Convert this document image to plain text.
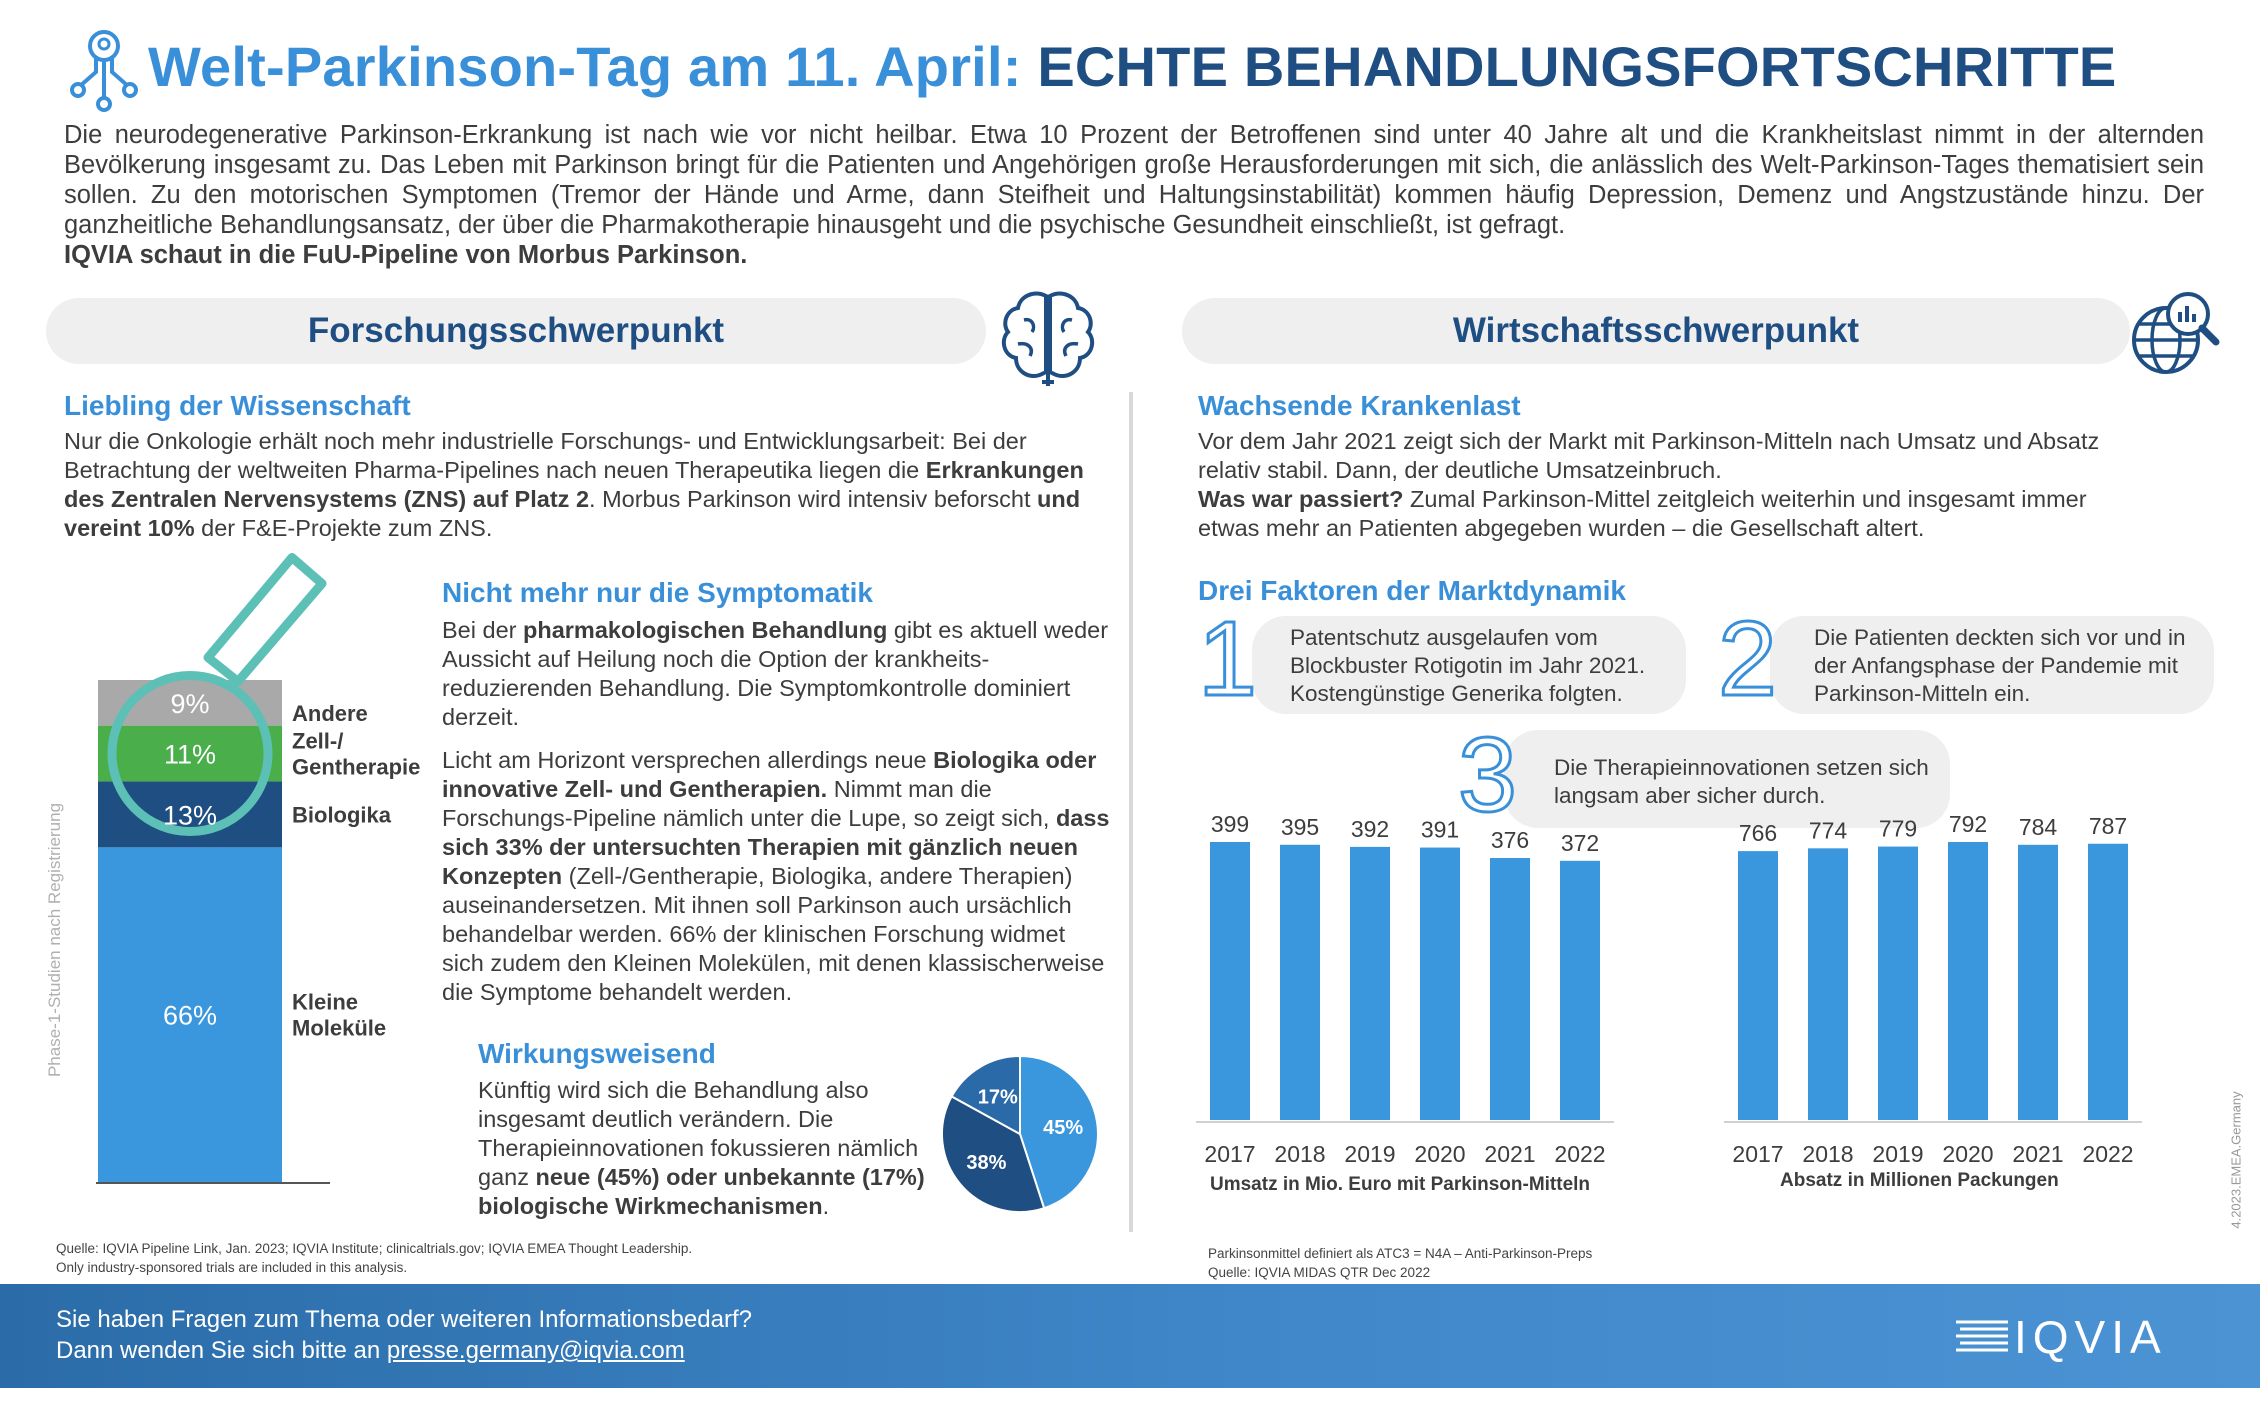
Welt-Parkinson-Tag am 11. April: ECHTE BEHANDLUNGSFORTSCHRITTE
Die neurodegenerative Parkinson-Erkrankung ist nach wie vor nicht heilbar. Etwa 10 Prozent der Betroffenen sind unter 40 Jahre alt und die Krankheitslast nimmt in der alternden Bevölkerung insgesamt zu. Das Leben mit Parkinson bringt für die Patienten und Angehörigen große Herausforderungen mit sich, die anlässlich des Welt-Parkinson-Tages thematisiert sein sollen. Zu den motorischen Symptomen (Tremor der Hände und Arme, dann Steifheit und Haltungsinstabilität) kommen häufig Depression, Demenz und Angstzustände hinzu. Der ganzheitliche Behandlungsansatz, der über die Pharmakotherapie hinausgeht und die psychische Gesundheit einschließt, ist gefragt.
IQVIA schaut in die FuU-Pipeline von Morbus Parkinson.
Forschungsschwerpunkt	Wirtschaftsschwerpunkt
Liebling der Wissenschaft
Nur die Onkologie erhält noch mehr industrielle Forschungs- und Entwicklungsarbeit: Bei der Betrachtung der weltweiten Pharma-Pipelines nach neuen Therapeutika liegen die Erkrankungen des Zentralen Nervensystems (ZNS) auf Platz 2. Morbus Parkinson wird intensiv beforscht und vereint 10% der F&E-Projekte zum ZNS.
Phase-1-Studien nach Registrierung	66%
13%
11%
9%
Kleine
Moleküle
Biologika
Zell-/
Gentherapie
Andere
Nicht mehr nur die Symptomatik
Bei der pharmakologischen Behandlung gibt es aktuell weder Aussicht auf Heilung noch die Option der krankheits-reduzierenden Behandlung. Die Symptomkontrolle dominiert derzeit.
Licht am Horizont versprechen allerdings neue Biologika oder innovative Zell- und Gentherapien. Nimmt man die Forschungs-Pipeline nämlich unter die Lupe, so zeigt sich, dass sich 33% der untersuchten Therapien mit gänzlich neuen Konzepten (Zell-/Gentherapie, Biologika, andere Therapien) auseinandersetzen. Mit ihnen soll Parkinson auch ursächlich behandelbar werden. 66% der klinischen Forschung widmet sich zudem den Kleinen Molekülen, mit denen klassischerweise die Symptome behandelt werden.
Wirkungsweisend
Künftig wird sich die Behandlung also insgesamt deutlich verändern. Die Therapieinnovationen fokussieren nämlich ganz neue (45%) oder unbekannte (17%) biologische Wirkmechanismen.
45%
38%
17%
Quelle: IQVIA Pipeline Link, Jan. 2023; IQVIA Institute; clinicaltrials.gov; IQVIA EMEA Thought Leadership.
Only industry-sponsored trials are included in this analysis.
Wachsende Krankenlast
Vor dem Jahr 2021 zeigt sich der Markt mit Parkinson-Mitteln nach Umsatz und Absatz relativ stabil. Dann, der deutliche Umsatzeinbruch.
Was war passiert? Zumal Parkinson-Mittel zeitgleich weiterhin und insgesamt immer etwas mehr an Patienten abgegeben wurden – die Gesellschaft altert.
Drei Faktoren der Marktdynamik
1	2
3
Patentschutz ausgelaufen vom Blockbuster Rotigotin im Jahr 2021. Kostengünstige Generika folgten.
Die Patienten deckten sich vor und in der Anfangsphase der Pandemie mit Parkinson-Mitteln ein.
Die Therapieinnovationen setzen sich langsam aber sicher durch.
399
2017
395
2018
392
2019
391
2020
376
2021
372
2022
766
2017
774
2018
779
2019
792
2020
784
2021
787
2022
Umsatz in Mio. Euro mit Parkinson-Mitteln	Absatz in Millionen Packungen
Parkinsonmittel definiert als ATC3 = N4A – Anti-Parkinson-Preps
Quelle: IQVIA MIDAS QTR Dec 2022
4.2023.EMEA.Germany
Sie haben Fragen zum Thema oder weiteren Informationsbedarf?
Dann wenden Sie sich bitte an presse.germany@iqvia.com	IQVIA
